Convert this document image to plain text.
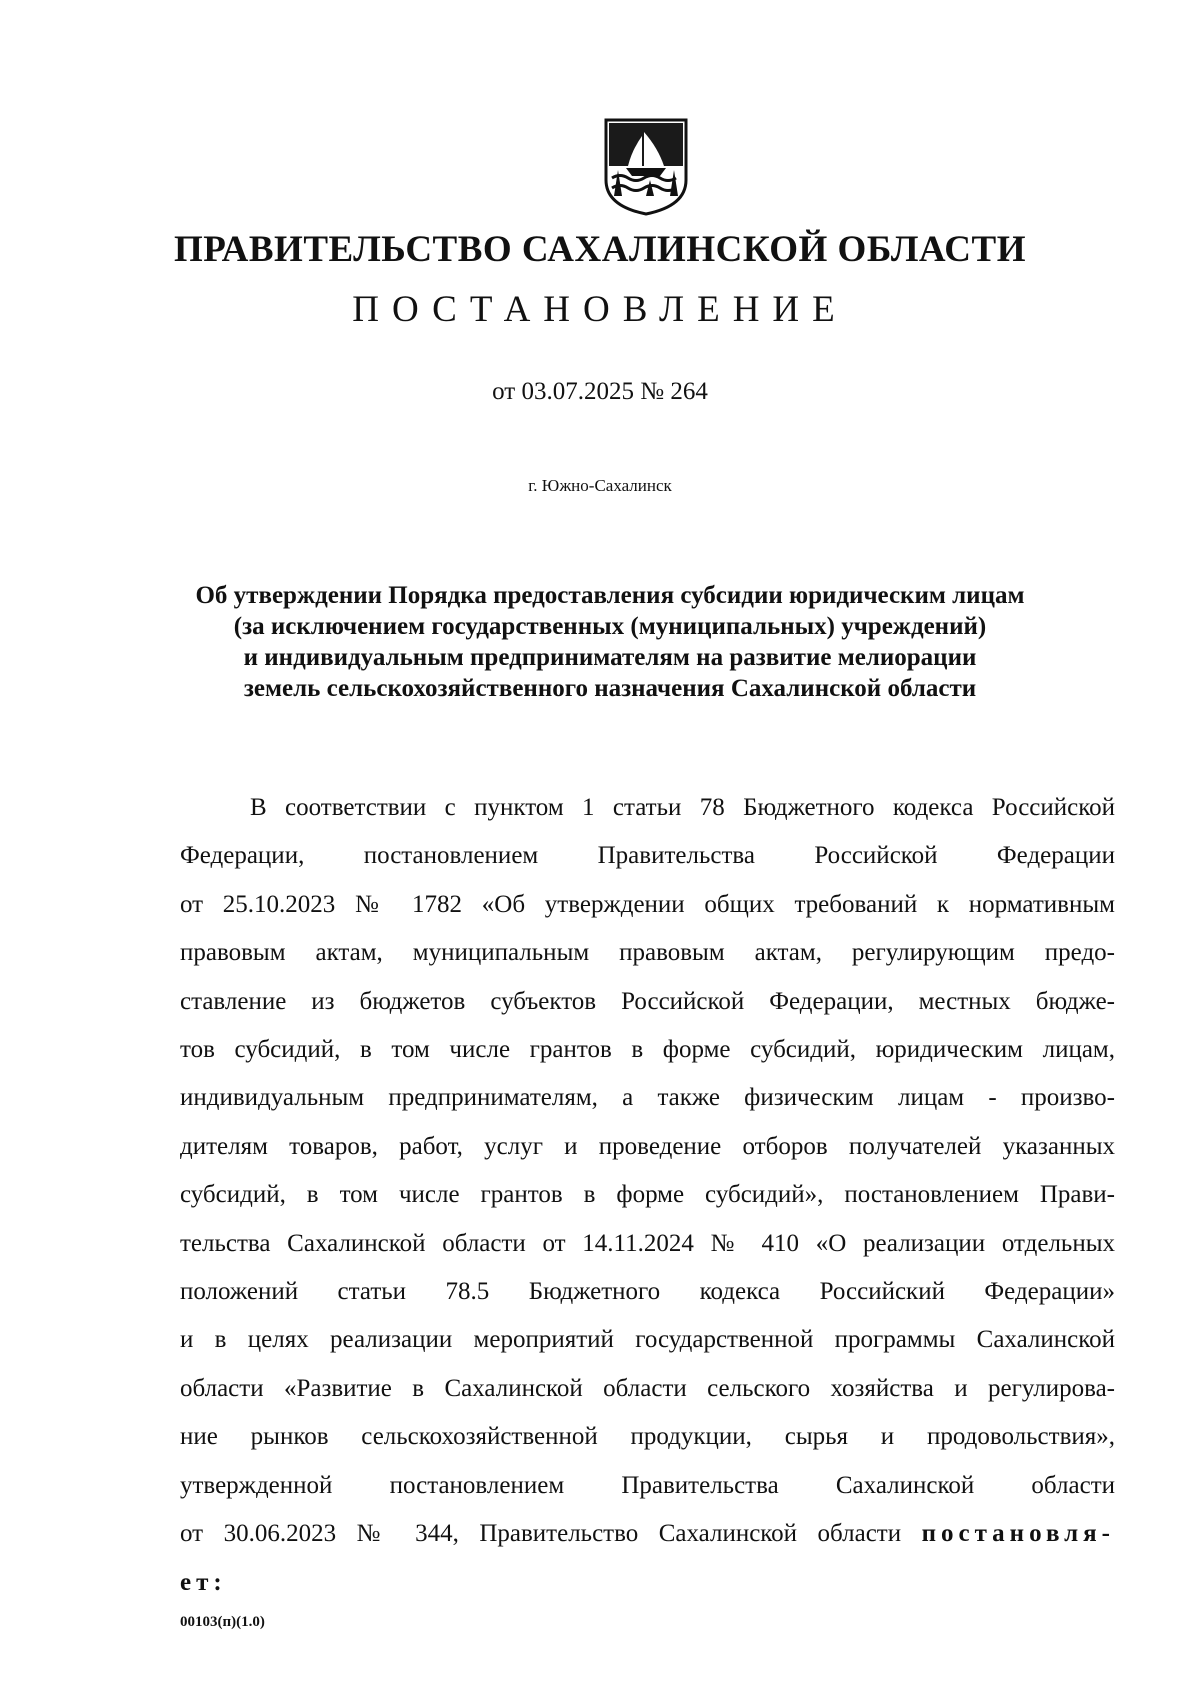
ПРАВИТЕЛЬСТВО САХАЛИНСКОЙ ОБЛАСТИ
ПОСТАНОВЛЕНИЕ
от 03.07.2025 № 264
г. Южно-Сахалинск
Об утверждении Порядка предоставления субсидии юридическим лицам
(за исключением государственных (муниципальных) учреждений)
и индивидуальным предпринимателям на развитие мелиорации
земель сельскохозяйственного назначения Сахалинской области
В соответствии с пунктом 1 статьи 78 Бюджетного кодекса Российской
Федерации, постановлением Правительства Российской Федерации
от 25.10.2023 № 1782 «Об утверждении общих требований к нормативным
правовым актам, муниципальным правовым актам, регулирующим предо-
ставление из бюджетов субъектов Российской Федерации, местных бюдже-
тов субсидий, в том числе грантов в форме субсидий, юридическим лицам,
индивидуальным предпринимателям, а также физическим лицам - произво-
дителям товаров, работ, услуг и проведение отборов получателей указанных
субсидий, в том числе грантов в форме субсидий», постановлением Прави-
тельства Сахалинской области от 14.11.2024 № 410 «О реализации отдельных
положений статьи 78.5 Бюджетного кодекса Российский Федерации»
и в целях реализации мероприятий государственной программы Сахалинской
области «Развитие в Сахалинской области сельского хозяйства и регулирова-
ние рынков сельскохозяйственной продукции, сырья и продовольствия»,
утвержденной постановлением Правительства Сахалинской области
от 30.06.2023 № 344, Правительство Сахалинской области постановля-
ет:
00103(п)(1.0)
